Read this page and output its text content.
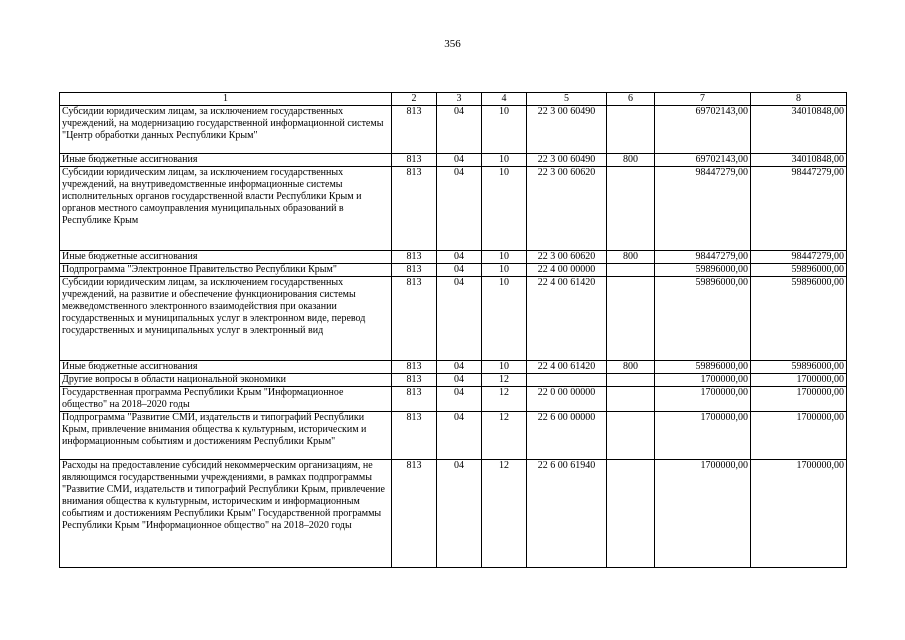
356
1	2	3	4	5	6	7	8
Субсидии юридическим лицам, за исключением государственных учреждений, на модернизацию государственной информационной системы "Центр обработки данных Республики Крым"	813	04	10	22 3 00 60490		69702143,00	34010848,00
Иные бюджетные ассигнования	813	04	10	22 3 00 60490	800	69702143,00	34010848,00
Субсидии юридическим лицам, за исключением государственных учреждений, на внутриведомственные информационные системы исполнительных органов государственной власти Республики Крым и органов местного самоуправления муниципальных образований в Республике Крым	813	04	10	22 3 00 60620		98447279,00	98447279,00
Иные бюджетные ассигнования	813	04	10	22 3 00 60620	800	98447279,00	98447279,00
Подпрограмма "Электронное Правительство Республики Крым"	813	04	10	22 4 00 00000		59896000,00	59896000,00
Субсидии юридическим лицам, за исключением государственных учреждений, на развитие и обеспечение функционирования системы межведомственного электронного взаимодействия при оказании государственных и муниципальных услуг в электронном виде, перевод государственных и муниципальных услуг в электронный вид	813	04	10	22 4 00 61420		59896000,00	59896000,00
Иные бюджетные ассигнования	813	04	10	22 4 00 61420	800	59896000,00	59896000,00
Другие вопросы в области национальной экономики	813	04	12			1700000,00	1700000,00
Государственная программа Республики Крым "Информационное общество" на 2018–2020 годы	813	04	12	22 0 00 00000		1700000,00	1700000,00
Подпрограмма "Развитие СМИ, издательств и типографий Республики Крым, привлечение внимания общества к культурным, историческим и информационным событиям и достижениям Республики Крым"	813	04	12	22 6 00 00000		1700000,00	1700000,00
Расходы на предоставление субсидий некоммерческим организациям, не являющимся государственными учреждениями, в рамках подпрограммы "Развитие СМИ, издательств и типографий Республики Крым, привлечение внимания общества к культурным, историческим и информационным событиям и достижениям Республики Крым" Государственной программы Республики Крым "Информационное общество" на 2018–2020 годы	813	04	12	22 6 00 61940		1700000,00	1700000,00
